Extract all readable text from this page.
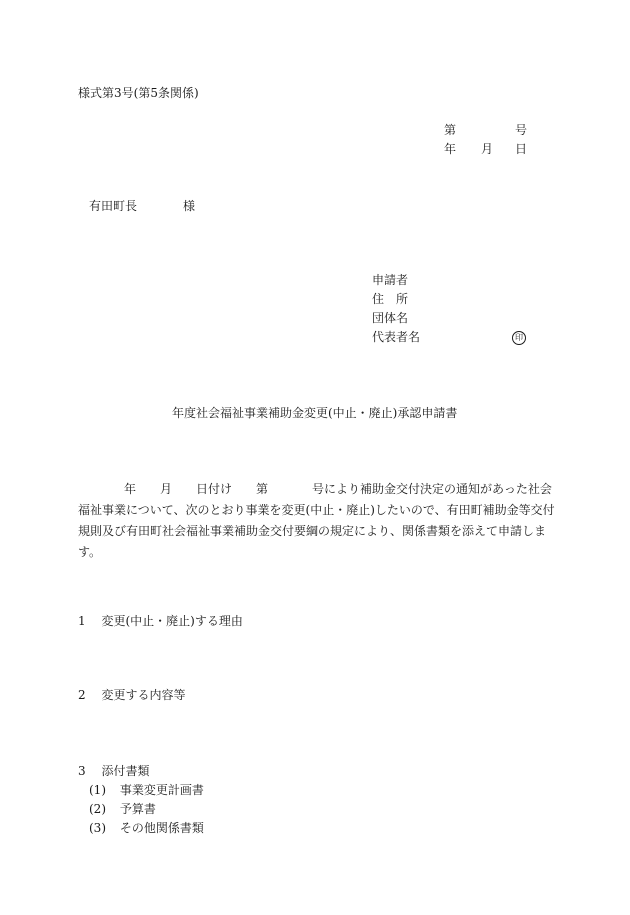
様式第3号(第5条関係)
第	号
年 月 日
有田町長	様
申請者
住　所
団体名
代表者名	印
年度社会福祉事業補助金変更(中止・廃止)承認申請書
年 月 日付け 第	号により補助金交付決定の通知があった社会
福祉事業について、次のとおり事業を変更(中止・廃止)したいので、有田町補助金等交付
規則及び有田町社会福祉事業補助金交付要綱の規定により、関係書類を添えて申請しま
す。
1 変更(中止・廃止)する理由
2 変更する内容等
3 添付書類
(1) 事業変更計画書
(2) 予算書
(3) その他関係書類
